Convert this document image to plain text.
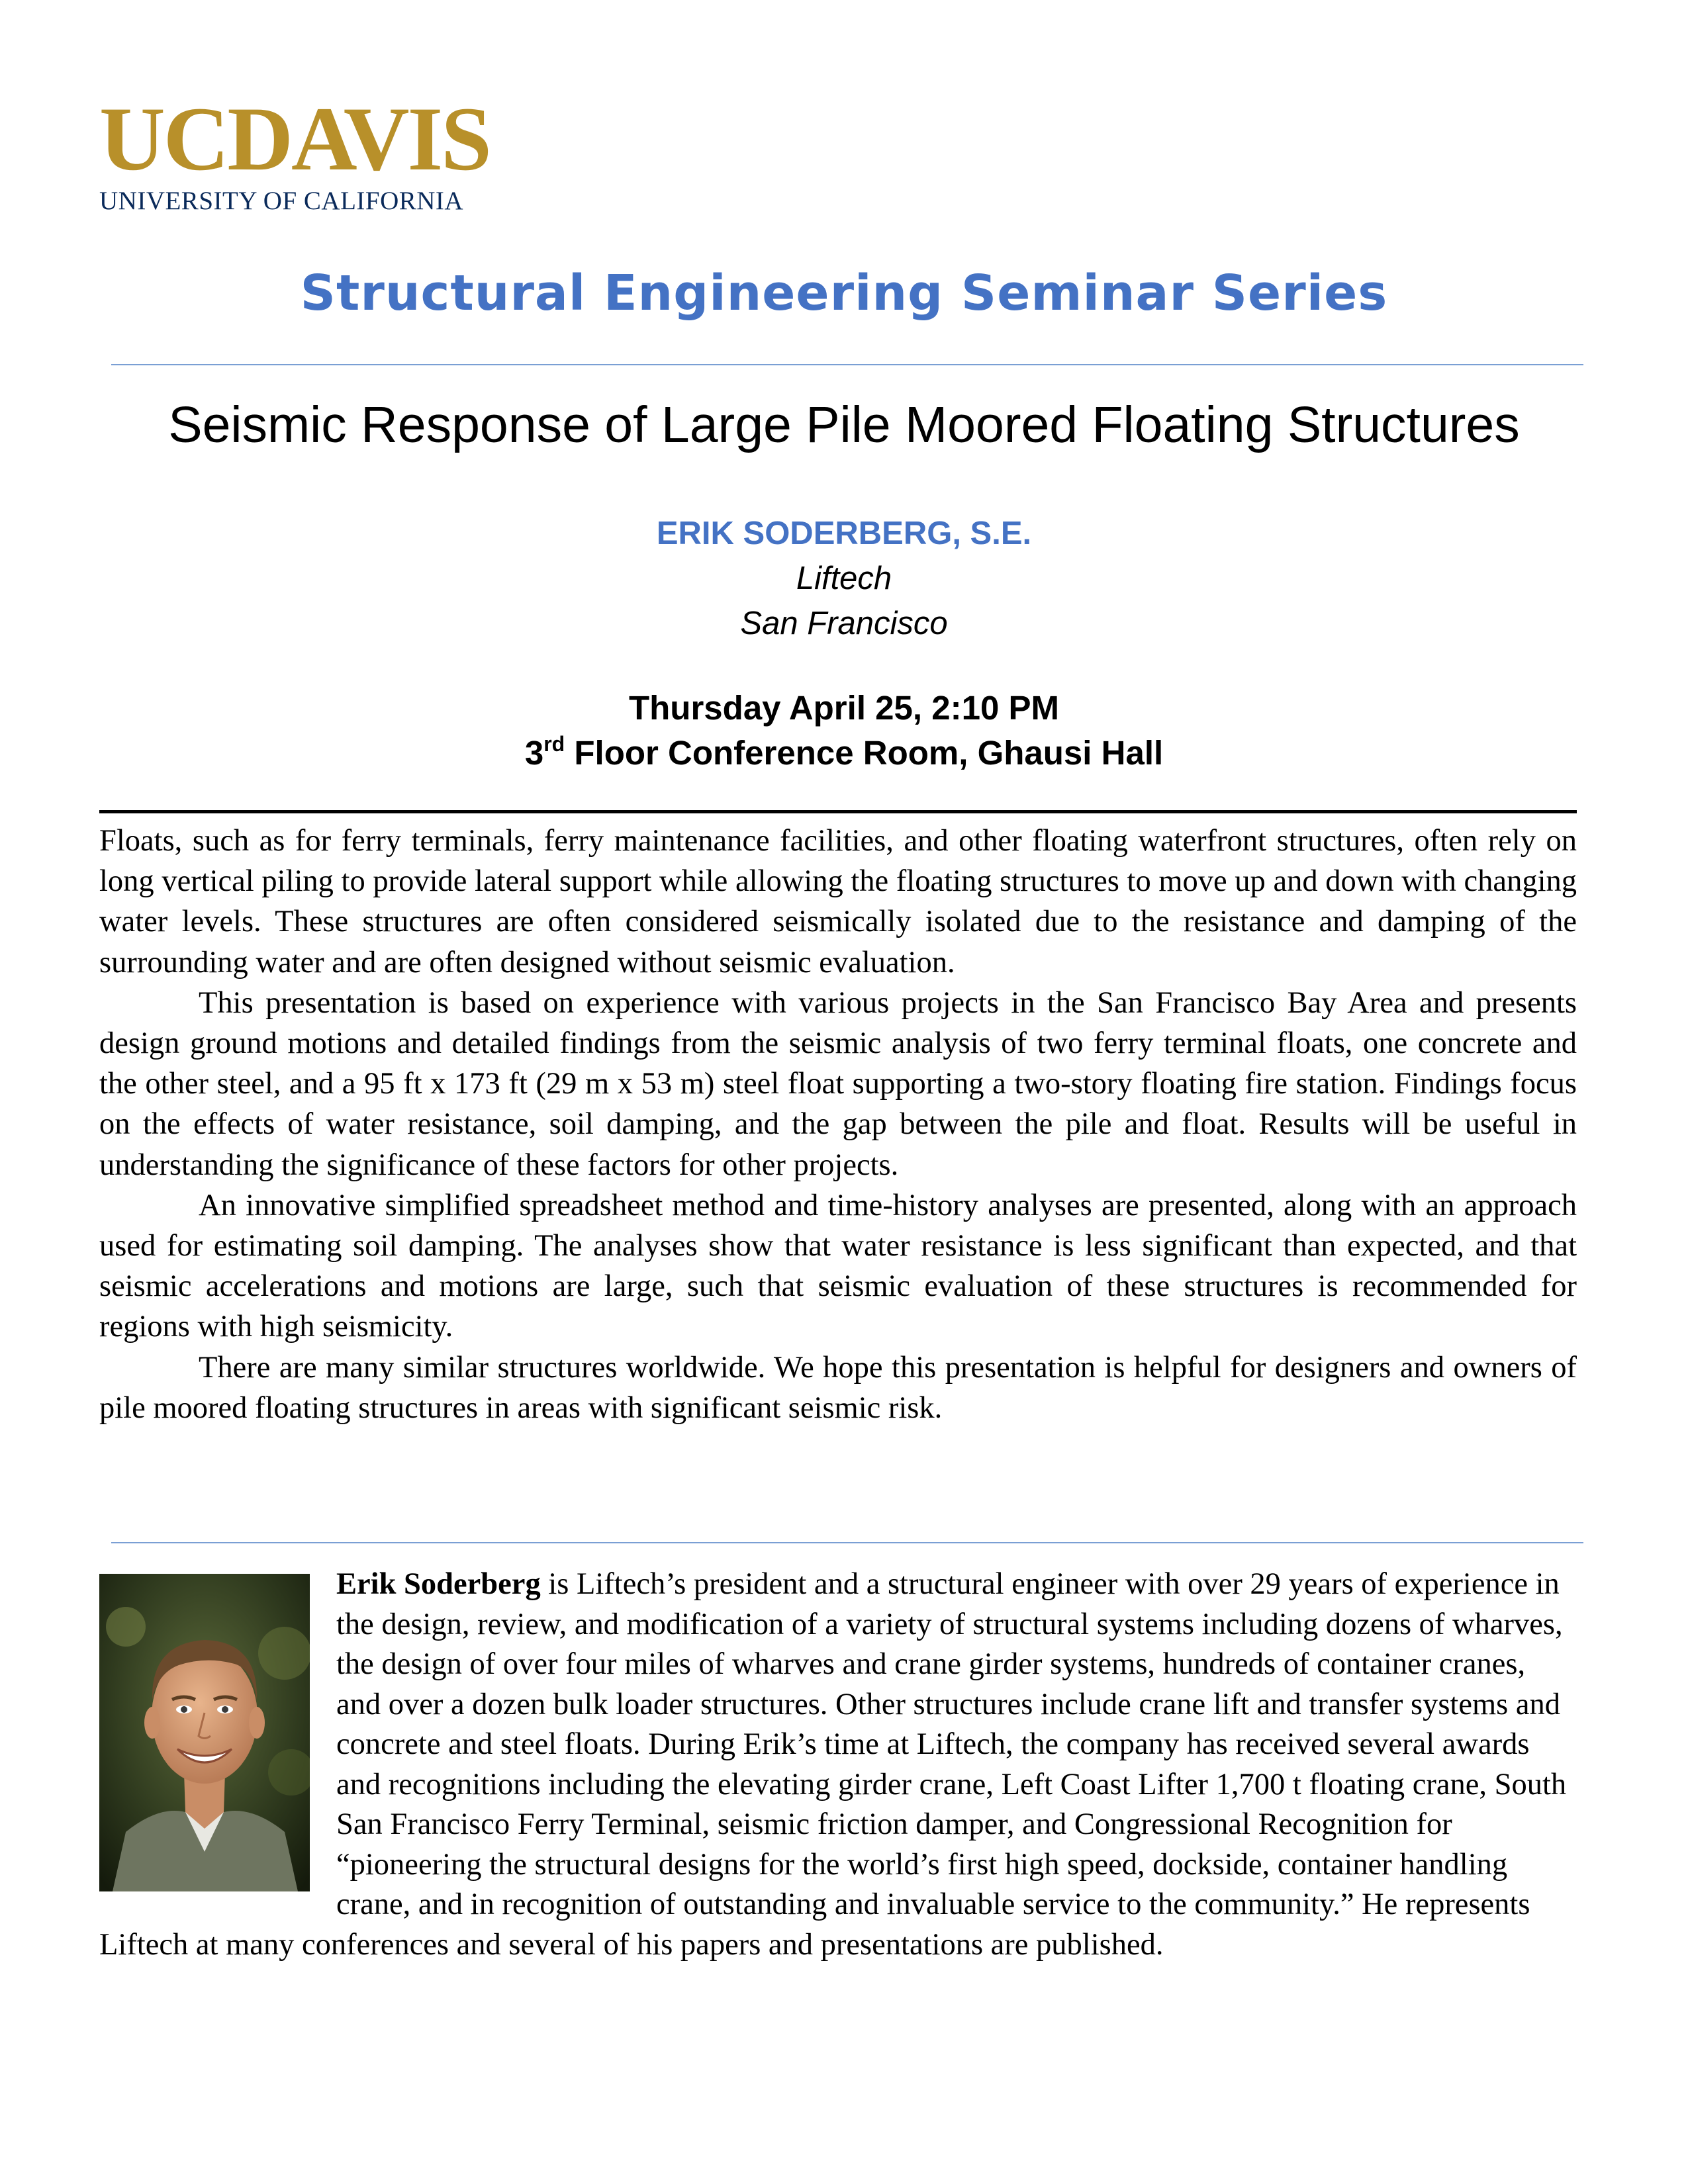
UCDAVIS
UNIVERSITY OF CALIFORNIA
Structural Engineering Seminar Series
Seismic Response of Large Pile Moored Floating Structures
ERIK SODERBERG, S.E.
Liftech
San Francisco
Thursday April 25, 2:10 PM
3rd Floor Conference Room, Ghausi Hall

Floats, such as for ferry terminals, ferry maintenance facilities, and other floating waterfront structures, often rely on long vertical piling to provide lateral support while allowing the floating structures to move up and down with changing water levels. These structures are often considered seismically isolated due to the resistance and damping of the surrounding water and are often designed without seismic evaluation.

This presentation is based on experience with various projects in the San Francisco Bay Area and presents design ground motions and detailed findings from the seismic analysis of two ferry terminal floats, one concrete and the other steel, and a 95 ft x 173 ft (29 m x 53 m) steel float supporting a two-story floating fire station. Findings focus on the effects of water resistance, soil damping, and the gap between the pile and float. Results will be useful in understanding the significance of these factors for other projects.

An innovative simplified spreadsheet method and time-history analyses are presented, along with an approach used for estimating soil damping. The analyses show that water resistance is less significant than expected, and that seismic accelerations and motions are large, such that seismic evaluation of these structures is recommended for regions with high seismicity.

There are many similar structures worldwide. We hope this presentation is helpful for designers and owners of pile moored floating structures in areas with significant seismic risk.

Erik Soderberg is Liftech’s president and a structural engineer with over 29 years of experience in the design, review, and modification of a variety of structural systems including dozens of wharves, the design of over four miles of wharves and crane girder systems, hundreds of container cranes, and over a dozen bulk loader structures. Other structures include crane lift and transfer systems and concrete and steel floats. During Erik’s time at Liftech, the company has received several awards and recognitions including the elevating girder crane, Left Coast Lifter 1,700 t floating crane, South San Francisco Ferry Terminal, seismic friction damper, and Congressional Recognition for “pioneering the structural designs for the world’s first high speed, dockside, container handling crane, and in recognition of outstanding and invaluable service to the community.” He represents Liftech at many conferences and several of his papers and presentations are published.
